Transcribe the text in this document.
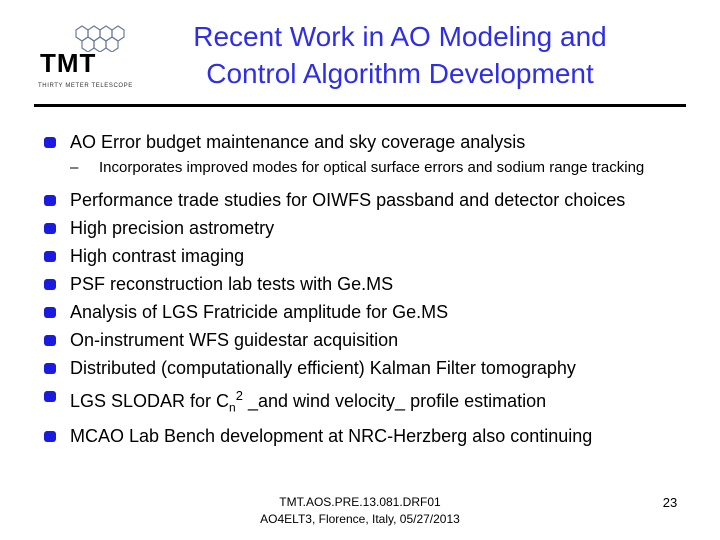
TMT
THIRTY METER TELESCOPE
Recent Work in AO Modeling and
Control Algorithm Development
AO Error budget maintenance and sky coverage analysis
– Incorporates improved modes for optical surface errors and sodium range tracking
Performance trade studies for OIWFS passband and detector choices
High precision astrometry
High contrast imaging
PSF reconstruction lab tests with Ge.MS
Analysis of LGS Fratricide amplitude for Ge.MS
On-instrument WFS guidestar acquisition
Distributed (computationally efficient) Kalman Filter tomography
LGS SLODAR for $C_n^2$ _and wind velocity_ profile estimation
MCAO Lab Bench development at NRC-Herzberg also continuing
TMT.AOS.PRE.13.081.DRF01
AO4ELT3, Florence, Italy, 05/27/2013
23
